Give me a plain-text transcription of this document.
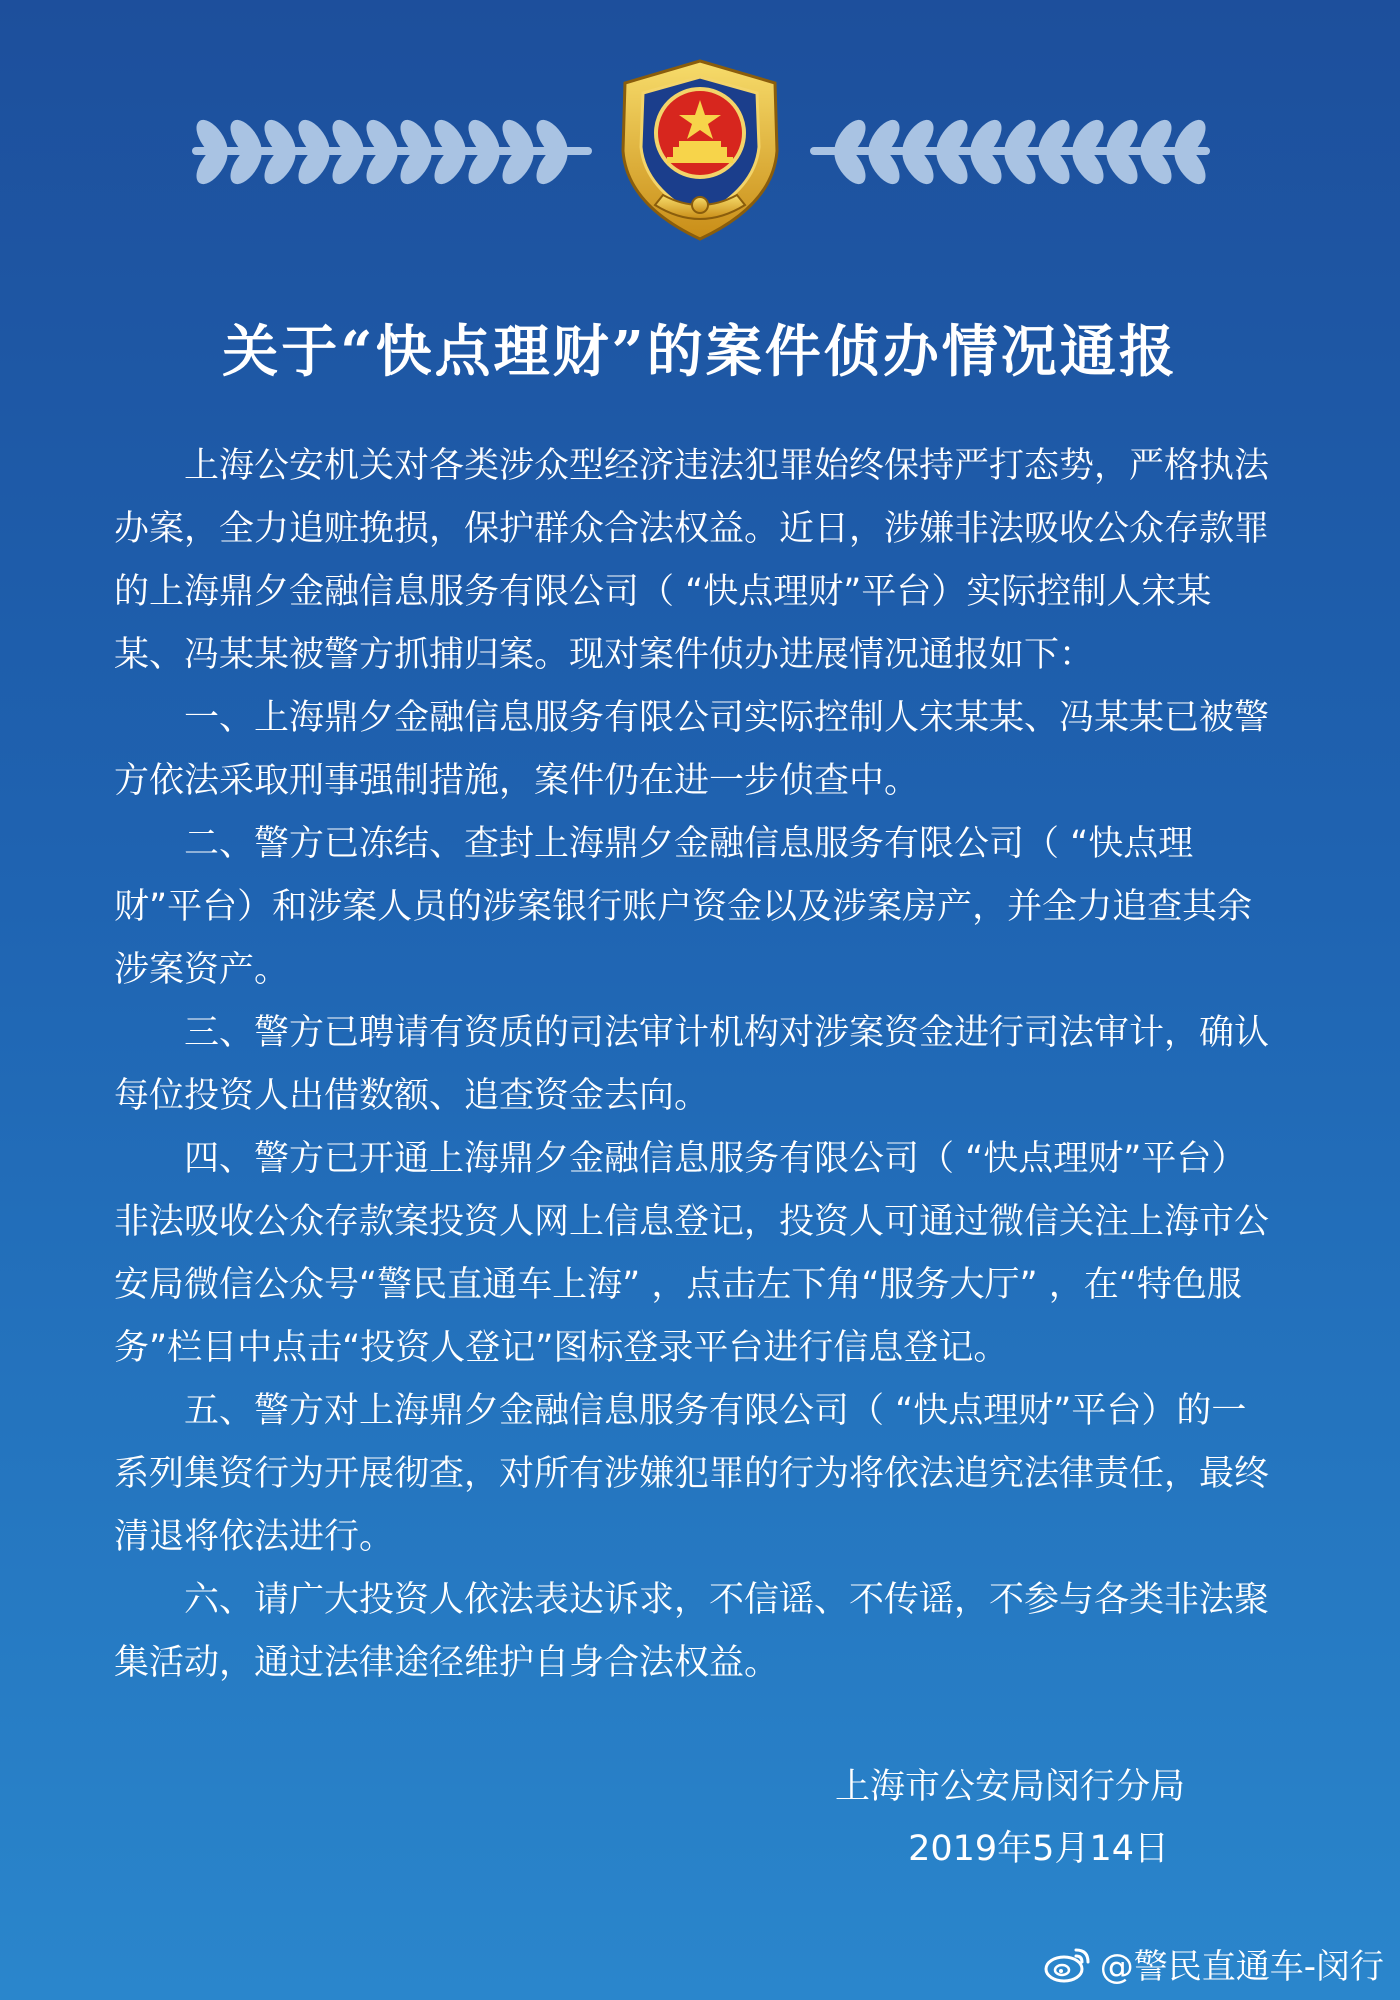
关于“快点理财”的案件侦办情况通报

上海公安机关对各类涉众型经济违法犯罪始终保持严打态势，严格执法办案，全力追赃挽损，保护群众合法权益。近日，涉嫌非法吸收公众存款罪的上海鼎夕金融信息服务有限公司（ “快点理财”平台）实际控制人宋某某、冯某某被警方抓捕归案。现对案件侦办进展情况通报如下：

一、上海鼎夕金融信息服务有限公司实际控制人宋某某、冯某某已被警方依法采取刑事强制措施，案件仍在进一步侦查中。

二、警方已冻结、查封上海鼎夕金融信息服务有限公司（ “快点理财”平台）和涉案人员的涉案银行账户资金以及涉案房产，并全力追查其余涉案资产。

三、警方已聘请有资质的司法审计机构对涉案资金进行司法审计，确认每位投资人出借数额、追查资金去向。

四、警方已开通上海鼎夕金融信息服务有限公司（ “快点理财”平台）非法吸收公众存款案投资人网上信息登记，投资人可通过微信关注上海市公安局微信公众号“警民直通车上海” ，点击左下角“服务大厅” ，在“特色服务”栏目中点击“投资人登记”图标登录平台进行信息登记。

五、警方对上海鼎夕金融信息服务有限公司（ “快点理财”平台）的一系列集资行为开展彻查，对所有涉嫌犯罪的行为将依法追究法律责任，最终清退将依法进行。

六、请广大投资人依法表达诉求，不信谣、不传谣，不参与各类非法聚集活动，通过法律途径维护自身合法权益。

上海市公安局闵行分局
2019年5月14日
@警民直通车-闵行
